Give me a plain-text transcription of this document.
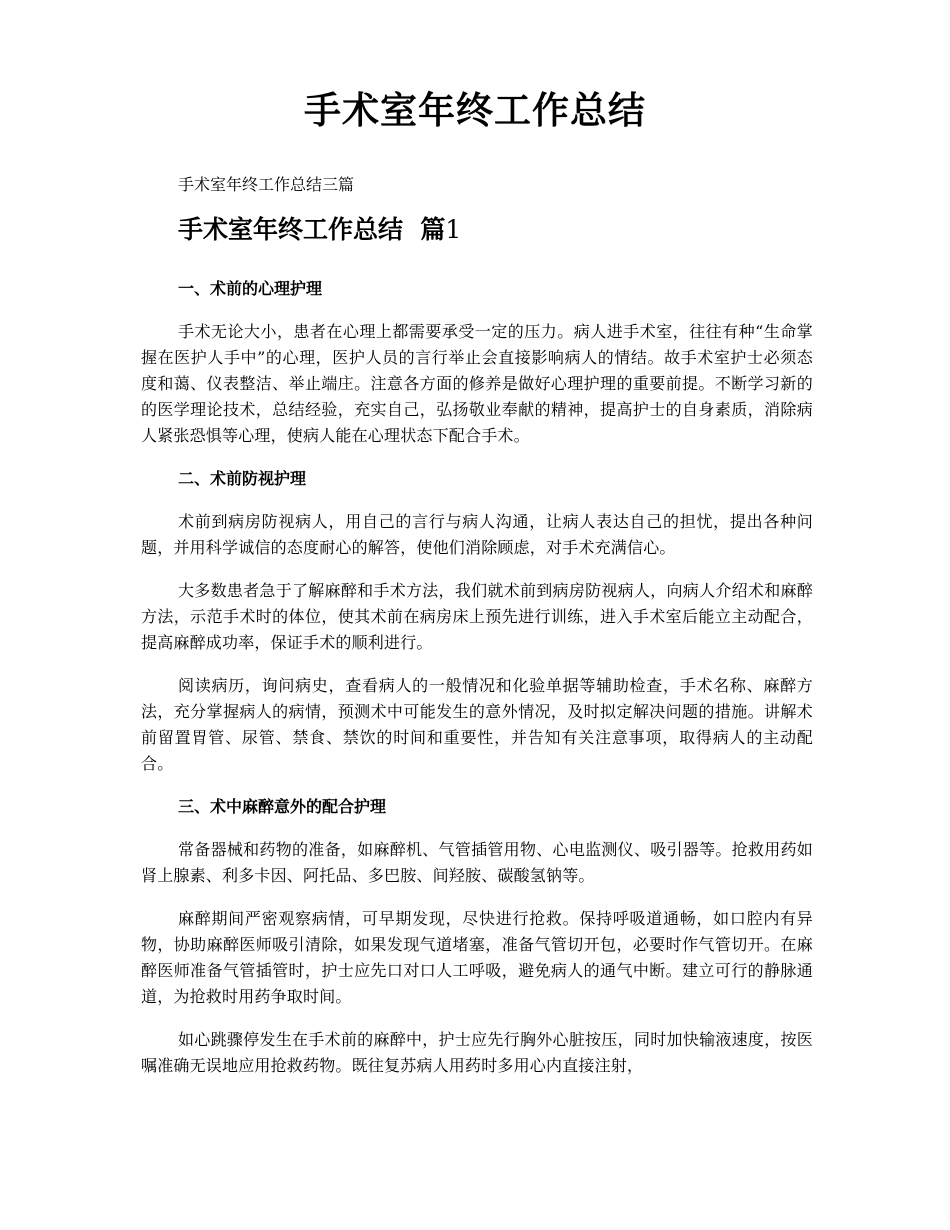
手术室年终工作总结

手术室年终工作总结三篇

手术室年终工作总结  篇1
一、术前的心理护理

手术无论大小，患者在心理上都需要承受一定的压力。病人进手术室，往往有种“生命掌握在医护人手中”的心理，医护人员的言行举止会直接影响病人的情结。故手术室护士必须态度和蔼、仪表整洁、举止端庄。注意各方面的修养是做好心理护理的重要前提。不断学习新的的医学理论技术，总结经验，充实自己，弘扬敬业奉献的精神，提高护士的自身素质，消除病人紧张恐惧等心理，使病人能在心理状态下配合手术。

二、术前防视护理

术前到病房防视病人，用自己的言行与病人沟通，让病人表达自己的担忧，提出各种问题，并用科学诚信的态度耐心的解答，使他们消除顾虑，对手术充满信心。

大多数患者急于了解麻醉和手术方法，我们就术前到病房防视病人，向病人介绍术和麻醉方法，示范手术时的体位，使其术前在病房床上预先进行训练，进入手术室后能立主动配合，提高麻醉成功率，保证手术的顺利进行。

阅读病历，询问病史，查看病人的一般情况和化验单据等辅助检查，手术名称、麻醉方法，充分掌握病人的病情，预测术中可能发生的意外情况，及时拟定解决问题的措施。讲解术前留置胃管、尿管、禁食、禁饮的时间和重要性，并告知有关注意事项，取得病人的主动配合。

三、术中麻醉意外的配合护理

常备器械和药物的准备，如麻醉机、气管插管用物、心电监测仪、吸引器等。抢救用药如肾上腺素、利多卡因、阿托品、多巴胺、间羟胺、碳酸氢钠等。

麻醉期间严密观察病情，可早期发现，尽快进行抢救。保持呼吸道通畅，如口腔内有异物，协助麻醉医师吸引清除，如果发现气道堵塞，准备气管切开包，必要时作气管切开。在麻醉医师准备气管插管时，护士应先口对口人工呼吸，避免病人的通气中断。建立可行的静脉通道，为抢救时用药争取时间。

如心跳骤停发生在手术前的麻醉中，护士应先行胸外心脏按压，同时加快输液速度，按医嘱准确无误地应用抢救药物。既往复苏病人用药时多用心内直接注射，
